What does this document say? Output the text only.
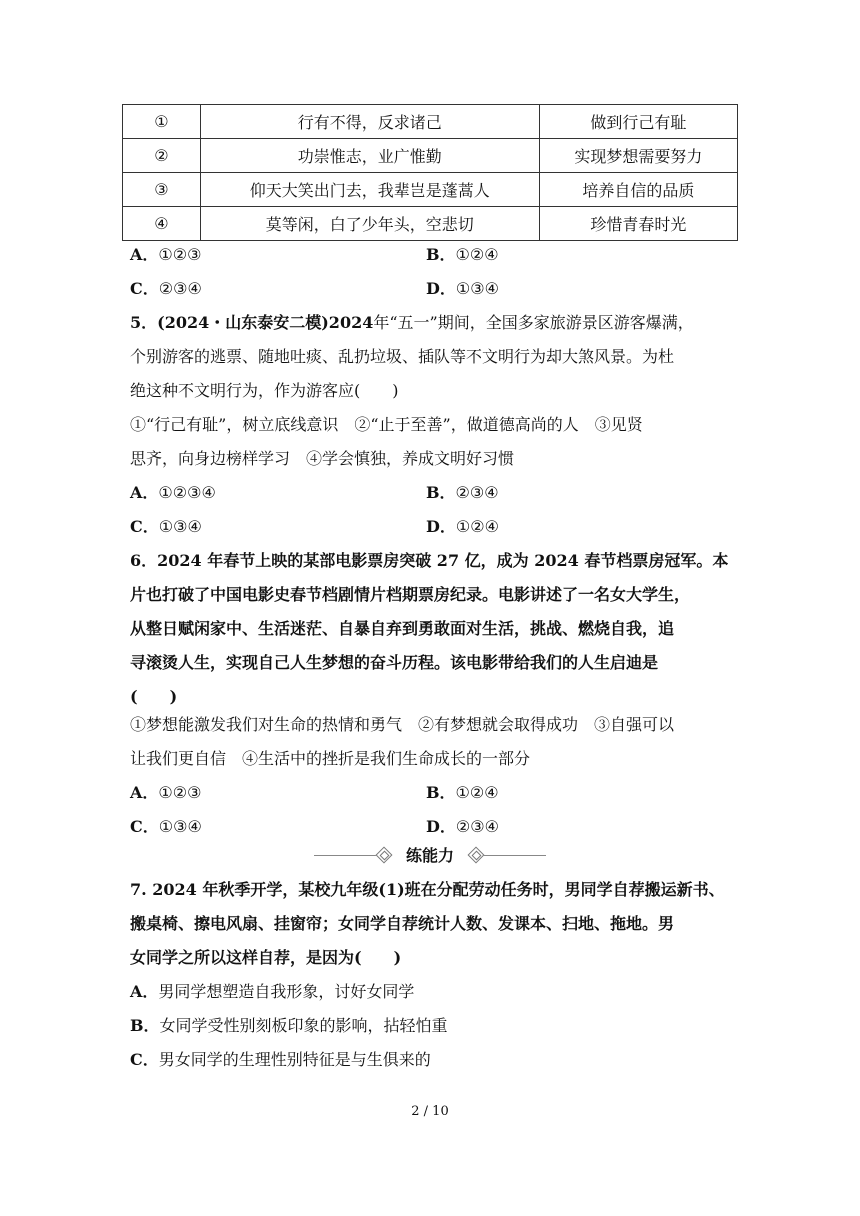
①	行有不得，反求诸己	做到行己有耻
②	功崇惟志，业广惟勤	实现梦想需要努力
③	仰天大笑出门去，我辈岂是蓬蒿人	培养自信的品质
④	莫等闲，白了少年头，空悲切	珍惜青春时光
A．①②③	B．①②④
C．②③④	D．①③④
5．(2024・山东泰安二模)2024年“五一”期间，全国多家旅游景区游客爆满，
个别游客的逃票、随地吐痰、乱扔垃圾、插队等不文明行为却大煞风景。为杜
绝这种不文明行为，作为游客应(　　)
①“行己有耻”，树立底线意识　②“止于至善”，做道德高尚的人　③见贤
思齐，向身边榜样学习　④学会慎独，养成文明好习惯
A．①②③④	B．②③④
C．①③④	D．①②④
6．2024 年春节上映的某部电影票房突破 27 亿，成为 2024 春节档票房冠军。本
片也打破了中国电影史春节档剧情片档期票房纪录。电影讲述了一名女大学生，
从整日赋闲家中、生活迷茫、自暴自弃到勇敢面对生活，挑战、燃烧自我，追
寻滚烫人生，实现自己人生梦想的奋斗历程。该电影带给我们的人生启迪是
(　　)
①梦想能激发我们对生命的热情和勇气　②有梦想就会取得成功　③自强可以
让我们更自信　④生活中的挫折是我们生命成长的一部分
A．①②③	B．①②④
C．①③④	D．②③④
练能力
7. 2024 年秋季开学，某校九年级(1)班在分配劳动任务时，男同学自荐搬运新书、
搬桌椅、擦电风扇、挂窗帘；女同学自荐统计人数、发课本、扫地、拖地。男
女同学之所以这样自荐，是因为(　　)
A．男同学想塑造自我形象，讨好女同学
B．女同学受性别刻板印象的影响，拈轻怕重
C．男女同学的生理性别特征是与生俱来的
2 / 10
